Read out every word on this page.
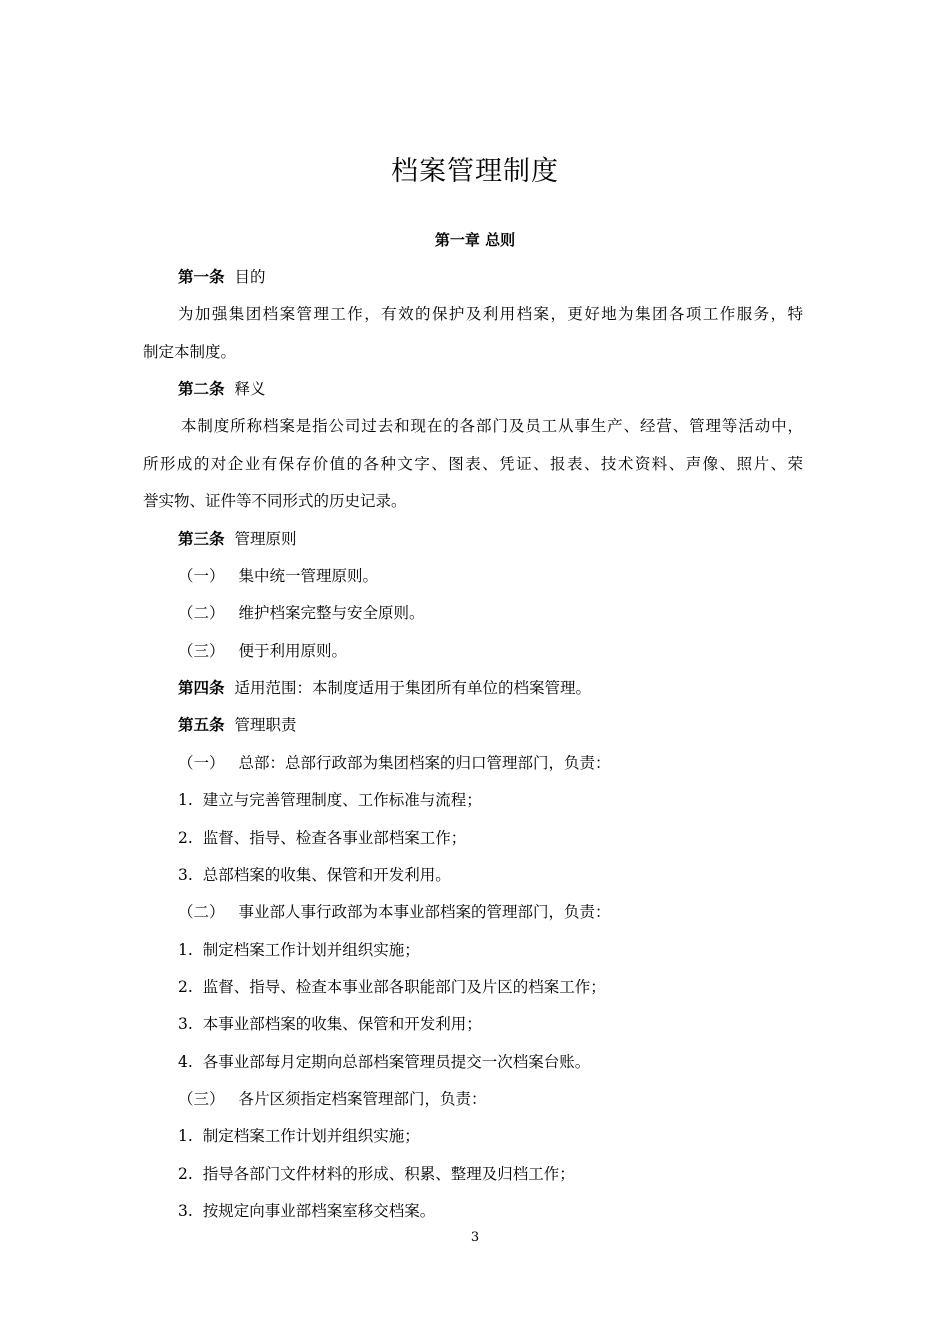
档案管理制度
第一章 总则
第一条 目的
为加强集团档案管理工作，有效的保护及利用档案，更好地为集团各项工作服务，特
制定本制度。
第二条 释义
本制度所称档案是指公司过去和现在的各部门及员工从事生产、经营、管理等活动中，
所形成的对企业有保存价值的各种文字、图表、凭证、报表、技术资料、声像、照片、荣
誉实物、证件等不同形式的历史记录。
第三条 管理原则
（一） 集中统一管理原则。
（二） 维护档案完整与安全原则。
（三） 便于利用原则。
第四条 适用范围：本制度适用于集团所有单位的档案管理。
第五条 管理职责
（一） 总部：总部行政部为集团档案的归口管理部门，负责：
1. 建立与完善管理制度、工作标准与流程；
2. 监督、指导、检查各事业部档案工作；
3. 总部档案的收集、保管和开发利用。
（二） 事业部人事行政部为本事业部档案的管理部门，负责：
1. 制定档案工作计划并组织实施；
2. 监督、指导、检查本事业部各职能部门及片区的档案工作；
3. 本事业部档案的收集、保管和开发利用；
4. 各事业部每月定期向总部档案管理员提交一次档案台账。
（三） 各片区须指定档案管理部门，负责：
1. 制定档案工作计划并组织实施；
2. 指导各部门文件材料的形成、积累、整理及归档工作；
3. 按规定向事业部档案室移交档案。
3
